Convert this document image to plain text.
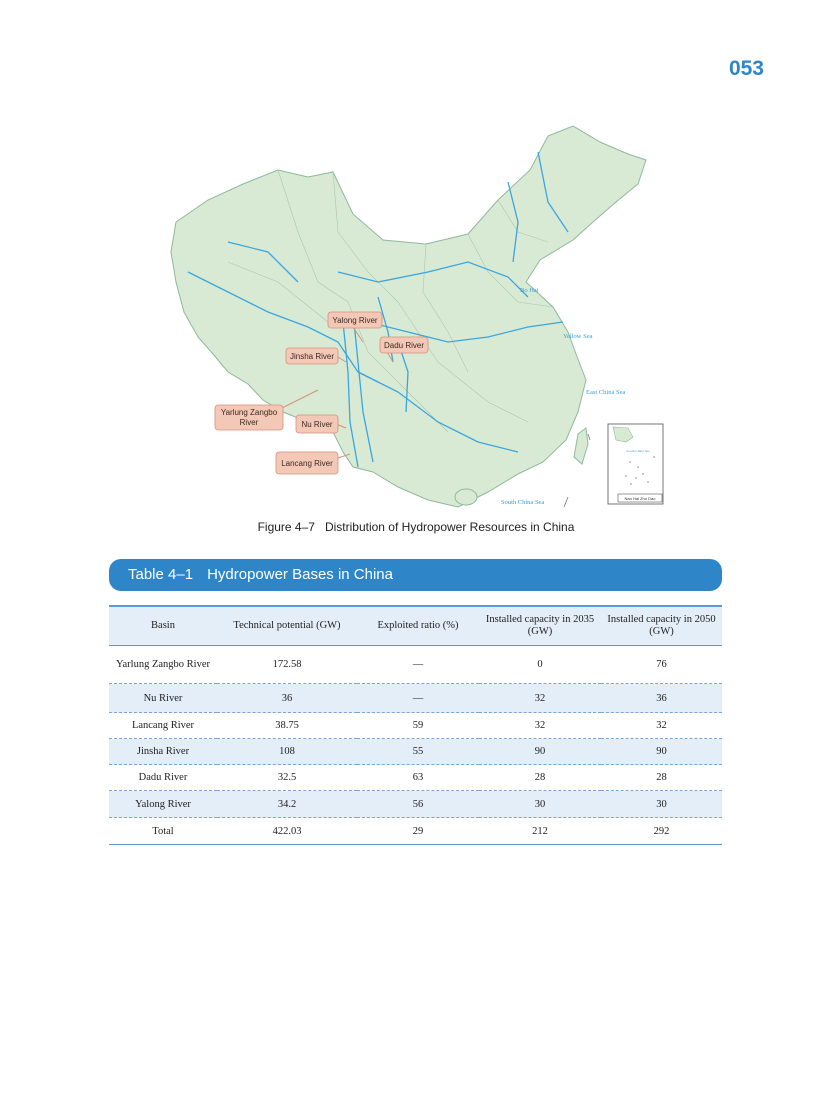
053
Yalong River
Dadu River
Jinsha River
Yarlung Zangbo
River	Nu River
Lancang River
Bo Hai
Yellow Sea
East China Sea
South China Sea
South China Sea
Nan Hai Zhu Dao
Figure 4–7 Distribution of Hydropower Resources in China
Table 4–1 Hydropower Bases in China
Basin	Technical potential (GW)	Exploited ratio (%)	Installed capacity in 2035 (GW)	Installed capacity in 2050 (GW)
Yarlung Zangbo River	172.58	—	0	76
Nu River	36	—	32	36
Lancang River	38.75	59	32	32
Jinsha River	108	55	90	90
Dadu River	32.5	63	28	28
Yalong River	34.2	56	30	30
Total	422.03	29	212	292
